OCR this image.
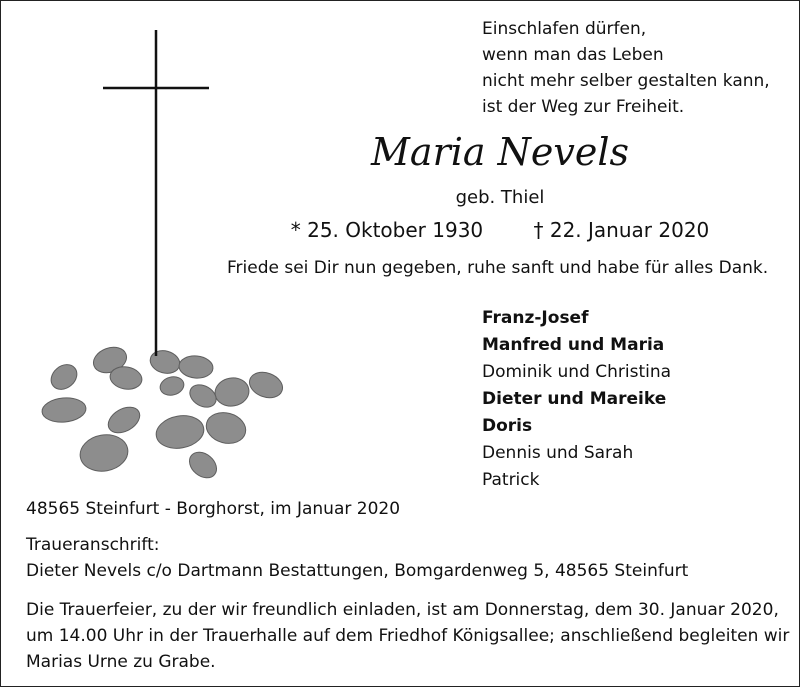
Einschlafen dürfen,
wenn man das Leben
nicht mehr selber gestalten kann,
ist der Weg zur Freiheit.
Maria Nevels
geb. Thiel
* 25. Oktober 1930	† 22. Januar 2020
Friede sei Dir nun gegeben, ruhe sanft und habe für alles Dank.
Franz-Josef
Manfred und Maria
Dominik und Christina
Dieter und Mareike
Doris
Dennis und Sarah
Patrick
48565 Steinfurt - Borghorst, im Januar 2020
Traueranschrift:
Dieter Nevels c/o Dartmann Bestattungen, Bomgardenweg 5, 48565 Steinfurt
Die Trauerfeier, zu der wir freundlich einladen, ist am Donnerstag, dem 30. Januar 2020,
um 14.00 Uhr in der Trauerhalle auf dem Friedhof Königsallee; anschließend begleiten wir
Marias Urne zu Grabe.
